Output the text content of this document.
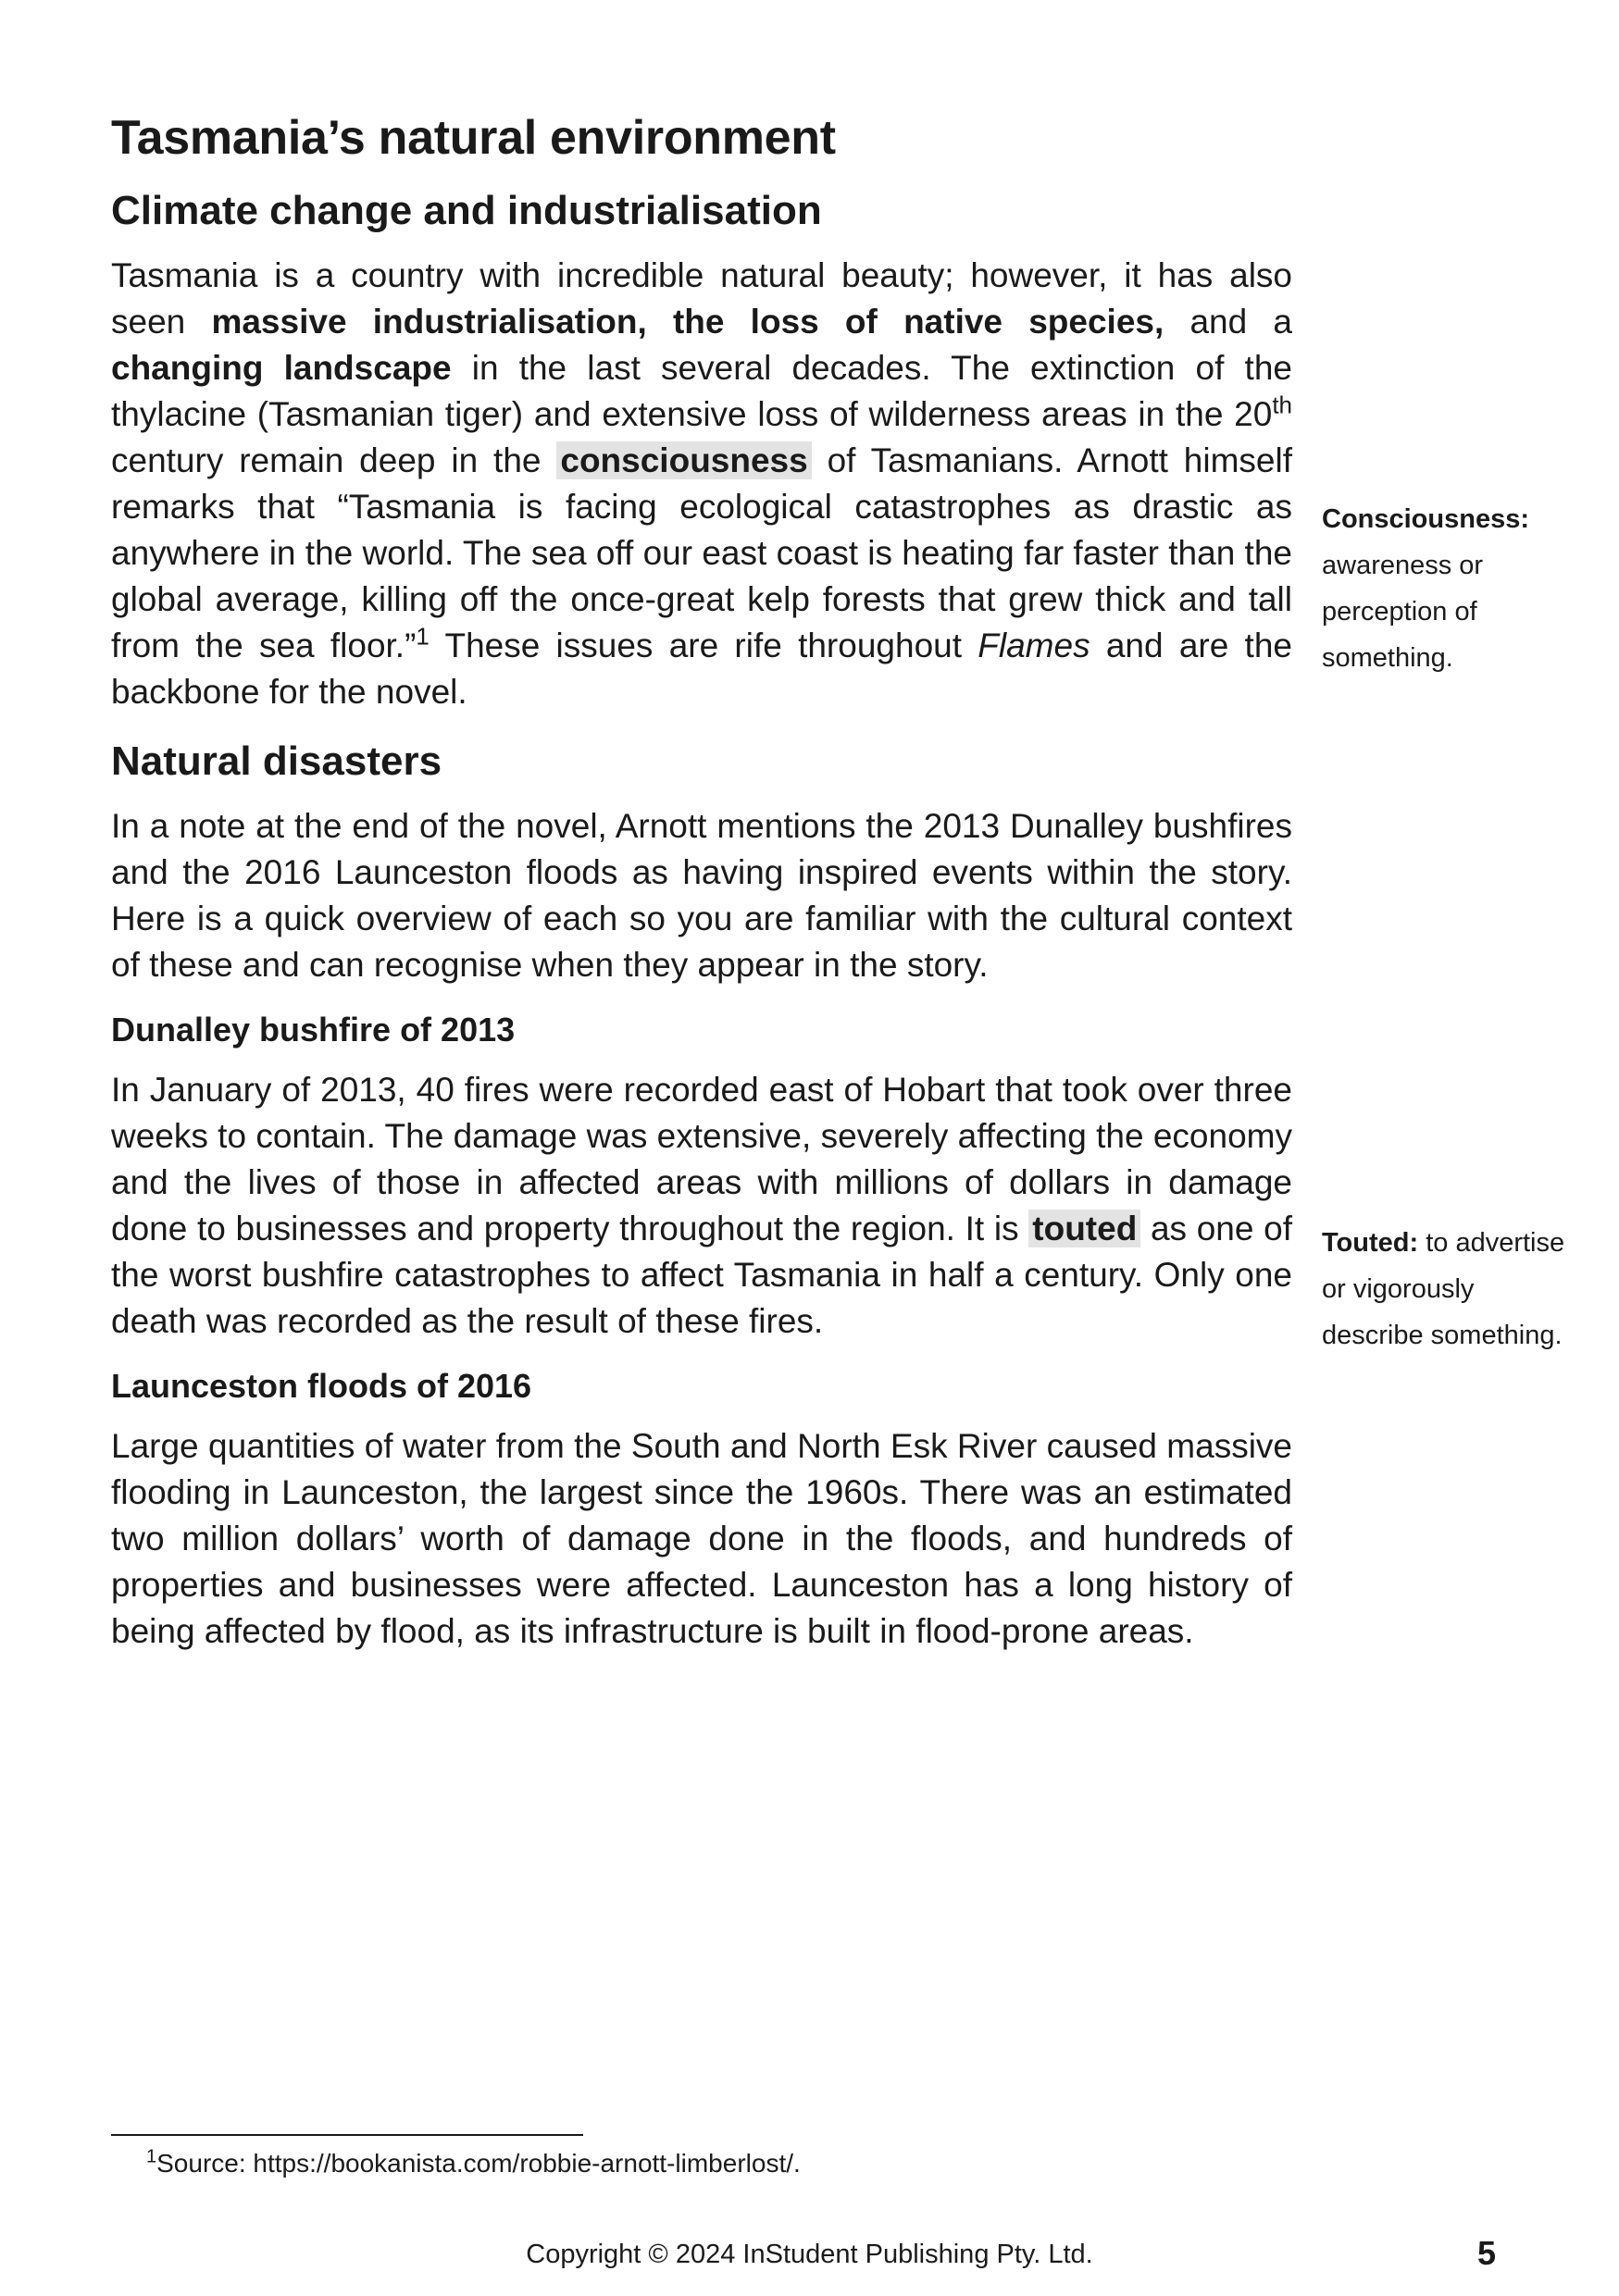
Tasmania’s natural environment
Climate change and industrialisation

Tasmania is a country with incredible natural beauty; however, it has also seen massive industrialisation, the loss of native species, and a changing landscape in the last several decades. The extinction of the thylacine (Tasmanian tiger) and extensive loss of wilderness areas in the 20th century remain deep in the consciousness of Tasmanians. Arnott himself remarks that “Tasmania is facing ecological catastrophes as drastic as anywhere in the world. The sea off our east coast is heating far faster than the global average, killing off the once-great kelp forests that grew thick and tall from the sea floor.”$^1$ These issues are rife throughout Flames and are the backbone for the novel.

Natural disasters

In a note at the end of the novel, Arnott mentions the 2013 Dunalley bushfires and the 2016 Launceston floods as having inspired events within the story. Here is a quick overview of each so you are familiar with the cultural context of these and can recognise when they appear in the story.

Dunalley bushfire of 2013

In January of 2013, 40 fires were recorded east of Hobart that took over three weeks to contain. The damage was extensive, severely affecting the economy and the lives of those in affected areas with millions of dollars in damage done to businesses and property throughout the region. It is touted as one of the worst bushfire catastrophes to affect Tasmania in half a century. Only one death was recorded as the result of these fires.

Launceston floods of 2016

Large quantities of water from the South and North Esk River caused massive flooding in Launceston, the largest since the 1960s. There was an estimated two million dollars’ worth of damage done in the floods, and hundreds of properties and businesses were affected. Launceston has a long history of being affected by flood, as its infrastructure is built in flood-prone areas.

Consciousness:
awareness or perception of something.
Touted: to advertise or vigorously describe something.
$^1$Source: https://bookanista.com/robbie-arnott-limberlost/.
Copyright © 2024 InStudent Publishing Pty. Ltd.	5
